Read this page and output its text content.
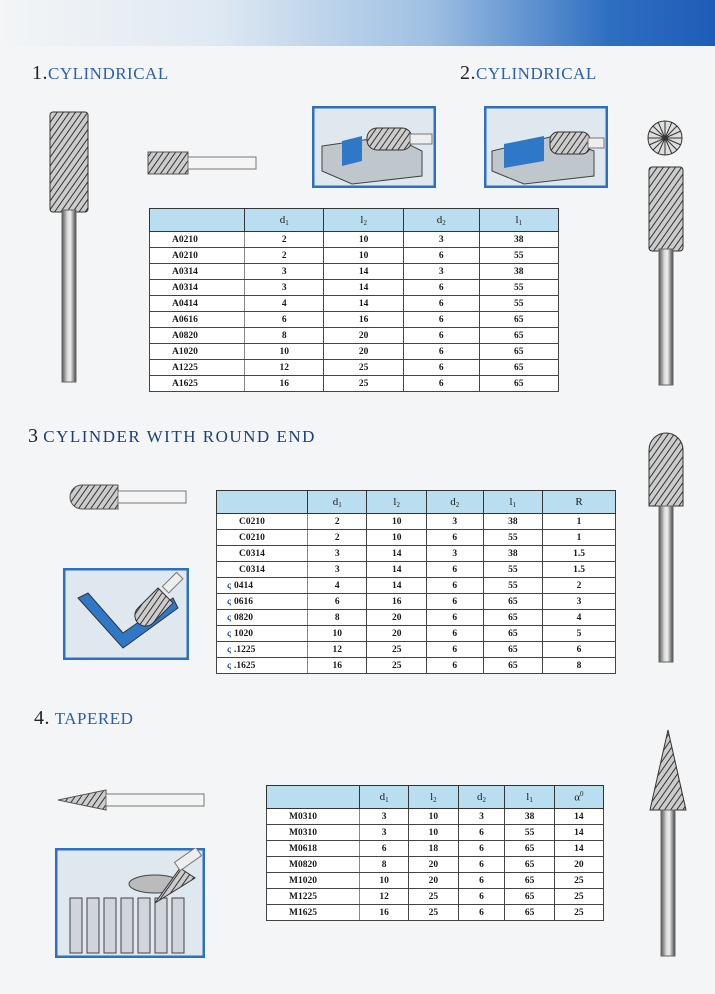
1.CYLINDRICAL	2.CYLINDRICAL
3 CYLINDER WITH ROUND END
4. TAPERED
	$d_1$	$l_2$	$d_2$	$l_1$
A0210	2	10	3	38
A0210	2	10	6	55
A0314	3	14	3	38
A0314	3	14	6	55
A0414	4	14	6	55
A0616	6	16	6	65
A0820	8	20	6	65
A1020	10	20	6	65
A1225	12	25	6	65
A1625	16	25	6	65
	$d_1$	$l_2$	$d_2$	$l_1$	R
C0210	2	10	3	38	1
C0210	2	10	6	55	1
C0314	3	14	3	38	1.5
C0314	3	14	6	55	1.5
ς 0414	4	14	6	55	2
ς 0616	6	16	6	65	3
ς 0820	8	20	6	65	4
ς 1020	10	20	6	65	5
ς .1225	12	25	6	65	6
ς .1625	16	25	6	65	8
	$d_1$	$l_2$	$d_2$	$l_1$	$\alpha^0$
M0310	3	10	3	38	14
M0310	3	10	6	55	14
M0618	6	18	6	65	14
M0820	8	20	6	65	20
M1020	10	20	6	65	25
M1225	12	25	6	65	25
M1625	16	25	6	65	25
